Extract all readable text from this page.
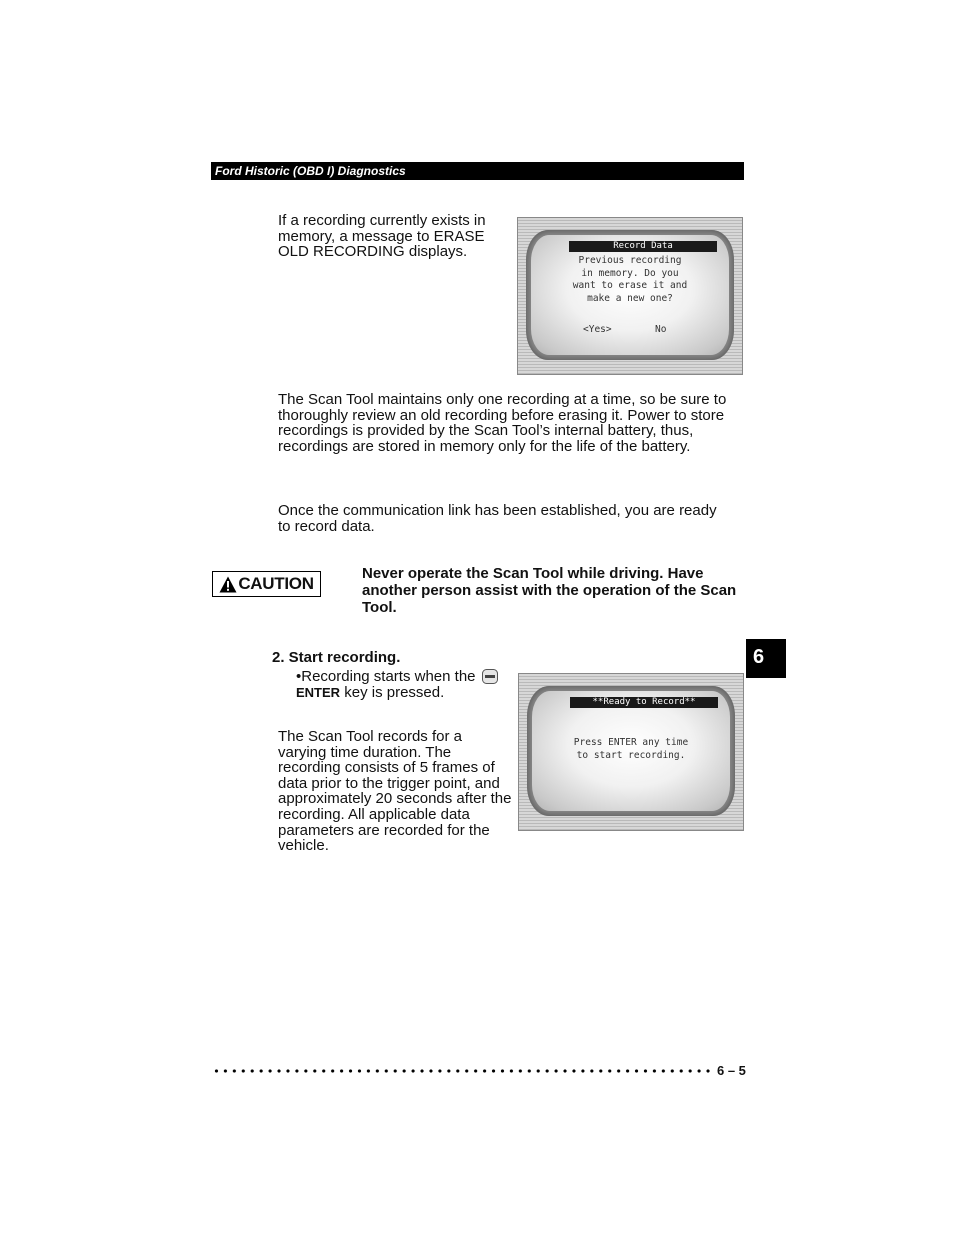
Ford Historic (OBD I) Diagnostics

If a recording currently exists in memory, a message to ERASE OLD RECORDING displays.	Record Data
Previous recording
in memory. Do you
want to erase it and
make a new one?
<Yes>	No

The Scan Tool maintains only one recording at a time, so be sure to thoroughly review an old recording before erasing it. Power to store recordings is provided by the Scan Tool’s internal battery, thus, recordings are stored in memory only for the life of the battery.

Once the communication link has been established, you are ready to record data.

CAUTION

Never operate the Scan Tool while driving. Have another person assist with the operation of the Scan Tool.

2. Start recording.
•Recording starts when the
ENTER key is pressed.
**Ready to Record**
Press ENTER any time
to start recording.

The Scan Tool records for a varying time duration. The recording consists of 5 frames of data prior to the trigger point, and approximately 20 seconds after the recording. All applicable data parameters are recorded for the vehicle.

6
6 – 5
